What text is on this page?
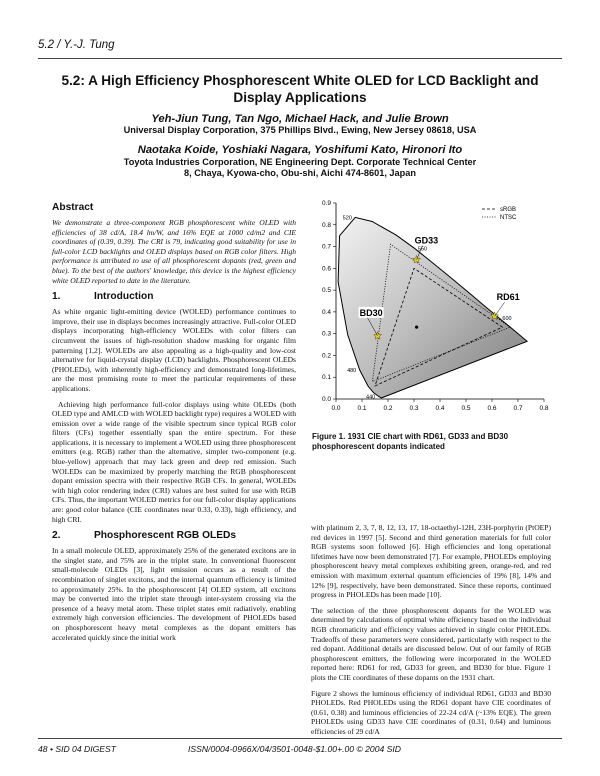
5.2 / Y.-J. Tung
5.2: A High Efficiency Phosphorescent White OLED for LCD Backlight and Display Applications
Yeh-Jiun Tung, Tan Ngo, Michael Hack, and Julie Brown
Universal Display Corporation, 375 Phillips Blvd., Ewing, New Jersey 08618, USA
Naotaka Koide, Yoshiaki Nagara, Yoshifumi Kato, Hironori Ito
Toyota Industries Corporation, NE Engineering Dept. Corporate Technical Center
8, Chaya, Kyowa-cho, Obu-shi, Aichi 474-8601, Japan
Abstract

We demonstrate a three-component RGB phosphorescent white OLED with efficiencies of 38 cd/A, 18.4 lm/W, and 16% EQE at 1000 cd/m2 and CIE coordinates of (0.39, 0.39). The CRI is 79, indicating good suitability for use in full-color LCD backlights and OLED displays based on RGB color filters. High performance is attributed to use of all phosphorescent dopants (red, green and blue). To the best of the authors' knowledge, this device is the highest efficiency white OLED reported to date in the literature.

1.	Introduction

As white organic light-emitting device (WOLED) performance continues to improve, their use in displays becomes increasingly attractive. Full-color OLED displays incorporating high-efficiency WOLEDs with color filters can circumvent the issues of high-resolution shadow masking for organic film patterning [1,2]. WOLEDs are also appealing as a high-quality and low-cost alternative for liquid-crystal display (LCD) backlights. Phosphorescent OLEDs (PHOLEDs), with inherently high-efficiency and demonstrated long-lifetimes, are the most promising route to meet the particular requirements of these applications.

Achieving high performance full-color displays using white OLEDs (both OLED type and AMLCD with WOLED backlight type) requires a WOLED with emission over a wide range of the visible spectrum since typical RGB color filters (CFs) together essentially span the entire spectrum. For these applications, it is necessary to implement a WOLED using three phosphorescent emitters (e.g. RGB) rather than the alternative, simpler two-component (e.g. blue-yellow) approach that may lack green and deep red emission. Such WOLEDs can be maximized by properly matching the RGB phosphorescent dopant emission spectra with their respective RGB CFs. In general, WOLEDs with high color rendering index (CRI) values are best suited for use with RGB CFs. Thus, the important WOLED metrics for our full-color display applications are: good color balance (CIE coordinates near 0.33, 0.33), high efficiency, and high CRI.

2.	Phosphorescent RGB OLEDs

In a small molecule OLED, approximately 25% of the generated excitons are in the singlet state, and 75% are in the triplet state. In conventional fluorescent small-molecule OLEDs [3], light emission occurs as a result of the recombination of singlet excitons, and the internal quantum efficiency is limited to approximately 25%. In the phosphorescent [4] OLED system, all excitons may be converted into the triplet state through inter-system crossing via the presence of a heavy metal atom. These triplet states emit radiatively, enabling extremely high conversion efficiencies. The development of PHOLEDs based on phosphorescent heavy metal complexes as the dopant emitters has accelerated quickly since the initial work

0.0	0.1	0.2	0.3	0.4	0.5	0.6	0.7	0.8
0.0
0.1
0.2
0.3
0.4
0.5
0.6
0.7
0.8
0.9
520
550
600
480
440
GD33
RD61
BD30
sRGB
NTSC
Figure 1. 1931 CIE chart with RD61, GD33 and BD30 phosphorescent dopants indicated

with platinum 2, 3, 7, 8, 12, 13, 17, 18-octaethyl-12H, 23H-porphyrin (PtOEP) red devices in 1997 [5]. Second and third generation materials for full color RGB systems soon followed [6]. High efficiencies and long operational lifetimes have now been demonstrated [7]. For example, PHOLEDs employing phosphorescent heavy metal complexes exhibiting green, orange-red, and red emission with maximum external quantum efficiencies of 19% [8], 14% and 12% [9], respectively, have been demonstrated. Since these reports, continued progress in PHOLEDs has been made [10].

The selection of the three phosphorescent dopants for the WOLED was determined by calculations of optimal white efficiency based on the individual RGB chromaticity and efficiency values achieved in single color PHOLEDs. Tradeoffs of these parameters were considered, particularly with respect to the red dopant. Additional details are discussed below. Out of our family of RGB phosphorescent emitters, the following were incorporated in the WOLED reported here: RD61 for red, GD33 for green, and BD30 for blue. Figure 1 plots the CIE coordinates of these dopants on the 1931 chart.

Figure 2 shows the luminous efficiency of individual RD61, GD33 and BD30 PHOLEDs. Red PHOLEDs using the RD61 dopant have CIE coordinates of (0.61, 0.38) and luminous efficiencies of 22-24 cd/A (~13% EQE). The green PHOLEDs using GD33 have CIE coordinates of (0.31, 0.64) and luminous efficiencies of 29 cd/A

48 • SID 04 DIGEST	ISSN/0004-0966X/04/3501-0048-$1.00+.00 © 2004 SID
